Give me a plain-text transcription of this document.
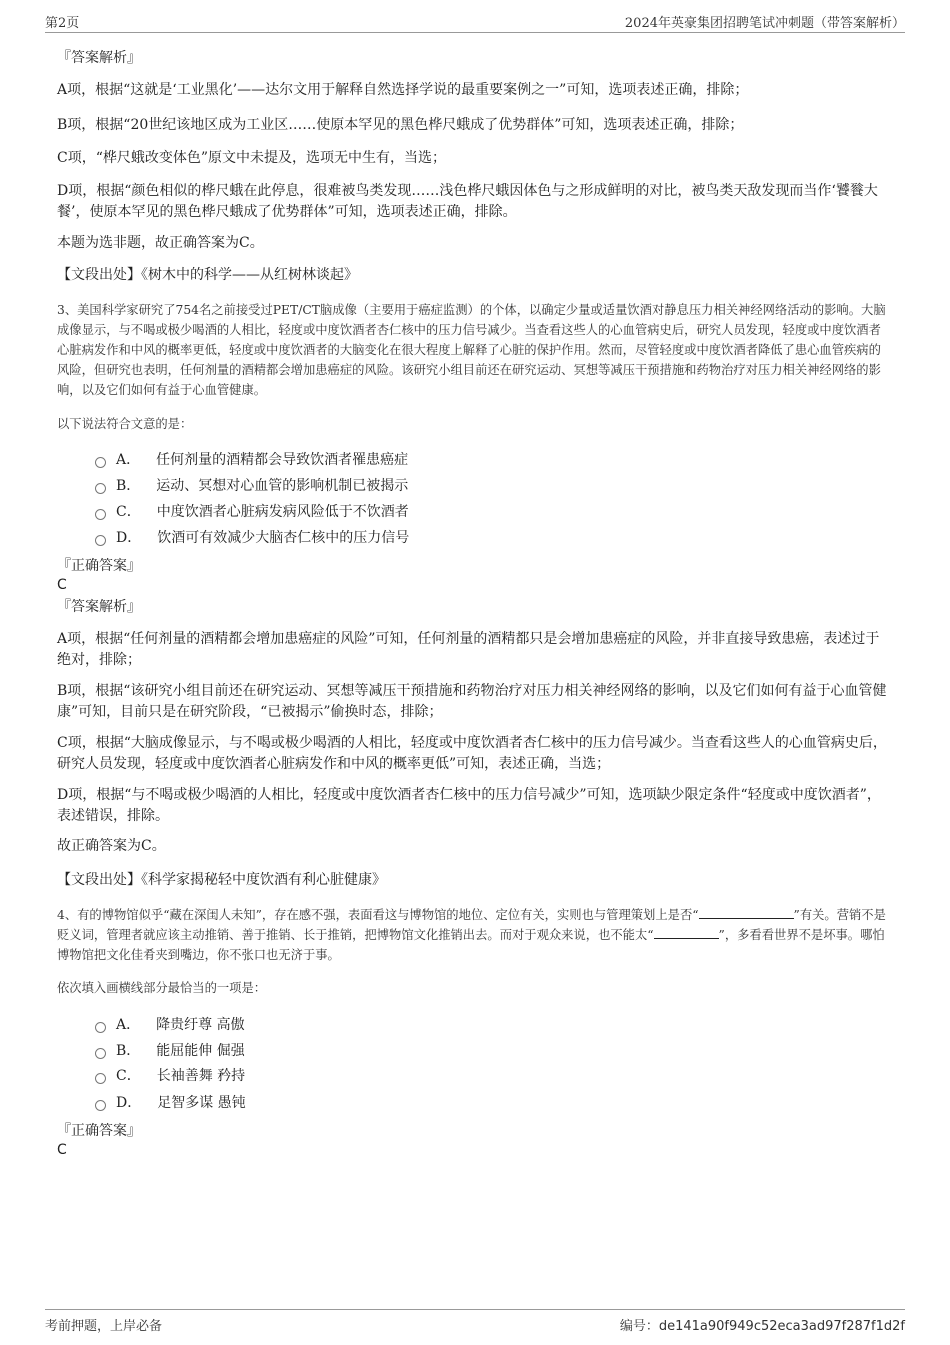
第2页	2024年英豪集团招聘笔试冲刺题（带答案解析）

『答案解析』

A项，根据“这就是‘工业黑化’——达尔文用于解释自然选择学说的最重要案例之一”可知，选项表述正确，排除；

B项，根据“20世纪该地区成为工业区……使原本罕见的黑色桦尺蛾成了优势群体”可知，选项表述正确，排除；

C项，“桦尺蛾改变体色”原文中未提及，选项无中生有，当选；

D项，根据“颜色相似的桦尺蛾在此停息，很难被鸟类发现……浅色桦尺蛾因体色与之形成鲜明的对比，被鸟类天敌发现而当作‘饕餮大餐’，使原本罕见的黑色桦尺蛾成了优势群体”可知，选项表述正确，排除。

本题为选非题，故正确答案为C。

【文段出处】《树木中的科学——从红树林谈起》

3、美国科学家研究了754名之前接受过PET/CT脑成像（主要用于癌症监测）的个体，以确定少量或适量饮酒对静息压力相关神经网络活动的影响。大脑成像显示，与不喝或极少喝酒的人相比，轻度或中度饮酒者杏仁核中的压力信号减少。当查看这些人的心血管病史后，研究人员发现，轻度或中度饮酒者心脏病发作和中风的概率更低，轻度或中度饮酒者的大脑变化在很大程度上解释了心脏的保护作用。然而，尽管轻度或中度饮酒者降低了患心血管疾病的风险，但研究也表明，任何剂量的酒精都会增加患癌症的风险。该研究小组目前还在研究运动、冥想等减压干预措施和药物治疗对压力相关神经网络的影响，以及它们如何有益于心血管健康。

以下说法符合文意的是：

A． 任何剂量的酒精都会导致饮酒者罹患癌症
B． 运动、冥想对心血管的影响机制已被揭示
C． 中度饮酒者心脏病发病风险低于不饮酒者
D． 饮酒可有效减少大脑杏仁核中的压力信号

『正确答案』

C

『答案解析』

A项，根据“任何剂量的酒精都会增加患癌症的风险”可知，任何剂量的酒精都只是会增加患癌症的风险，并非直接导致患癌，表述过于绝对，排除；

B项，根据“该研究小组目前还在研究运动、冥想等减压干预措施和药物治疗对压力相关神经网络的影响，以及它们如何有益于心血管健康”可知，目前只是在研究阶段，“已被揭示”偷换时态，排除；

C项，根据“大脑成像显示，与不喝或极少喝酒的人相比，轻度或中度饮酒者杏仁核中的压力信号减少。当查看这些人的心血管病史后，研究人员发现，轻度或中度饮酒者心脏病发作和中风的概率更低”可知，表述正确，当选；

D项，根据“与不喝或极少喝酒的人相比，轻度或中度饮酒者杏仁核中的压力信号减少”可知，选项缺少限定条件“轻度或中度饮酒者”，表述错误，排除。

故正确答案为C。

【文段出处】《科学家揭秘轻中度饮酒有利心脏健康》

4、有的博物馆似乎“藏在深闺人未知”，存在感不强，表面看这与博物馆的地位、定位有关，实则也与管理策划上是否“	”有关。营销不是贬义词，管理者就应该主动推销、善于推销、长于推销，把博物馆文化推销出去。而对于观众来说，也不能太“	”，多看看世界不是坏事。哪怕博物馆把文化佳肴夹到嘴边，你不张口也无济于事。

依次填入画横线部分最恰当的一项是：

A． 降贵纡尊 高傲
B． 能屈能伸 倔强
C． 长袖善舞 矜持
D． 足智多谋 愚钝

『正确答案』

C

考前押题，上岸必备	编号：de141a90f949c52eca3ad97f287f1d2f
